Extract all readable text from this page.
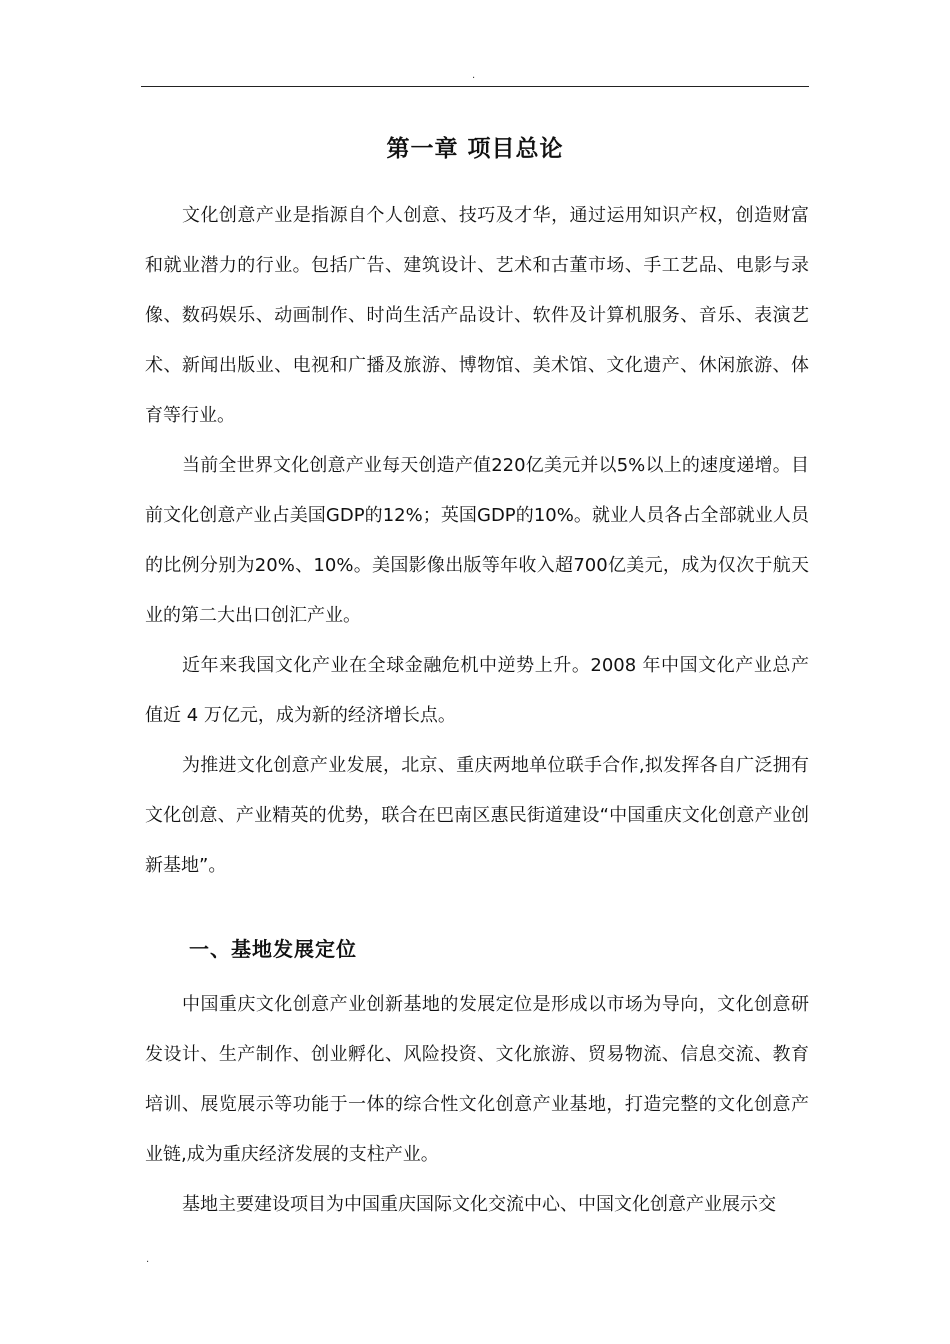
.
第一章 项目总论

文化创意产业是指源自个人创意、技巧及才华，通过运用知识产权，创造财富和就业潜力的行业。包括广告、建筑设计、艺术和古董市场、手工艺品、电影与录像、数码娱乐、动画制作、时尚生活产品设计、软件及计算机服务、音乐、表演艺术、新闻出版业、电视和广播及旅游、博物馆、美术馆、文化遗产、休闲旅游、体育等行业。

当前全世界文化创意产业每天创造产值220亿美元并以5%以上的速度递增。目前文化创意产业占美国GDP的12%；英国GDP的10%。就业人员各占全部就业人员的比例分别为20%、10%。美国影像出版等年收入超700亿美元，成为仅次于航天业的第二大出口创汇产业。

近年来我国文化产业在全球金融危机中逆势上升。2008 年中国文化产业总产值近 4 万亿元，成为新的经济增长点。

为推进文化创意产业发展，北京、重庆两地单位联手合作,拟发挥各自广泛拥有文化创意、产业精英的优势，联合在巴南区惠民街道建设“中国重庆文化创意产业创新基地”。

一、基地发展定位

中国重庆文化创意产业创新基地的发展定位是形成以市场为导向，文化创意研发设计、生产制作、创业孵化、风险投资、文化旅游、贸易物流、信息交流、教育培训、展览展示等功能于一体的综合性文化创意产业基地，打造完整的文化创意产业链,成为重庆经济发展的支柱产业。

基地主要建设项目为中国重庆国际文化交流中心、中国文化创意产业展示交

.
